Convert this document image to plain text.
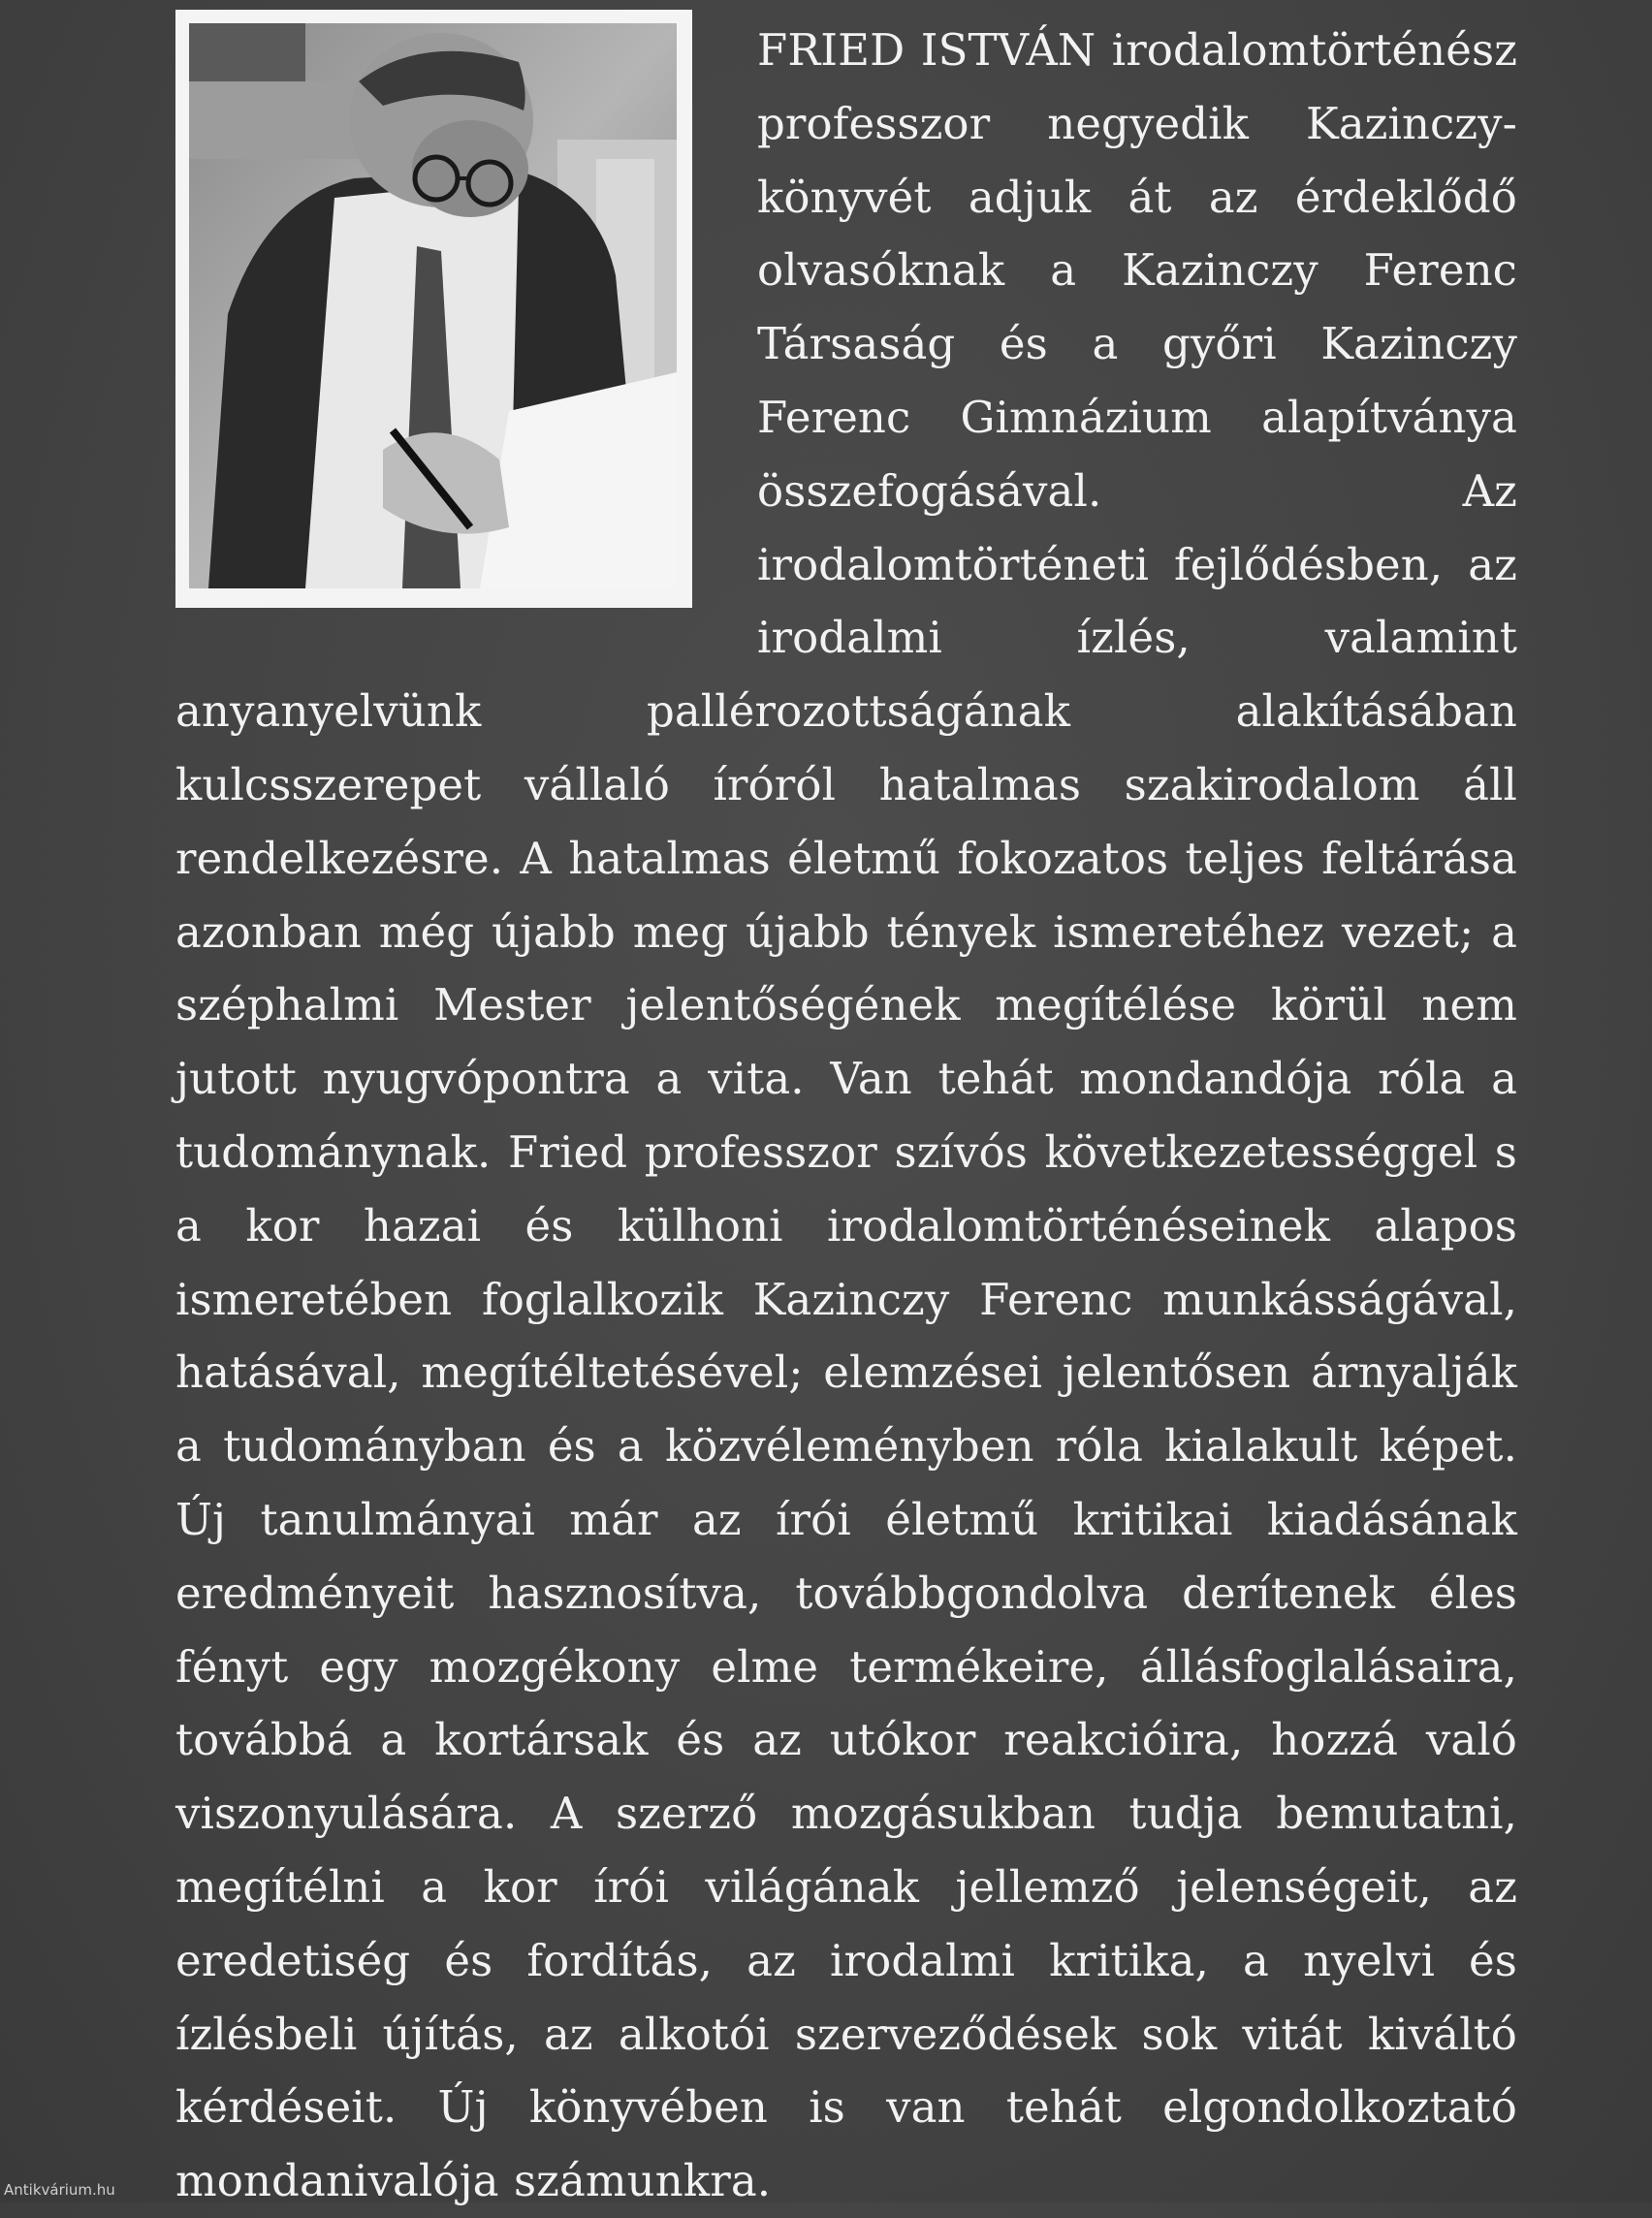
FRIED ISTVÁN irodalomtörténész professzor negyedik Kazinczy-könyvét adjuk át az érdeklődő olvasóknak a Kazinczy Ferenc Társaság és a győri Kazinczy Ferenc Gimnázium alapítványa összefogásával. Az irodalomtörténeti fejlődésben, az irodalmi ízlés, valamint anyanyelvünk pallérozottságának alakításában kulcsszerepet vállaló íróról hatalmas szakirodalom áll rendelkezésre. A hatalmas életmű fokozatos teljes feltárása azonban még újabb meg újabb tények ismeretéhez vezet; a széphalmi Mester jelentőségének megítélése körül nem jutott nyugvópontra a vita. Van tehát mondandója róla a tudománynak. Fried professzor szívós következetességgel s a kor hazai és külhoni irodalomtörténéseinek alapos ismeretében foglalkozik Kazinczy Ferenc munkásságával, hatásával, megítéltetésével; elemzései jelentősen árnyalják a tudományban és a közvéleményben róla kialakult képet. Új tanulmányai már az írói életmű kritikai kiadásának eredményeit hasznosítva, továbbgondolva derítenek éles fényt egy mozgékony elme termékeire, állásfoglalásaira, továbbá a kortársak és az utókor reakcióira, hozzá való viszonyulására. A szerző mozgásukban tudja bemutatni, megítélni a kor írói világának jellemző jelenségeit, az eredetiség és fordítás, az irodalmi kritika, a nyelvi és ízlésbeli újítás, az alkotói szerveződések sok vitát kiváltó kérdéseit. Új könyvében is van tehát elgondolkoztató mondanivalója számunkra.

Antikvárium.hu
